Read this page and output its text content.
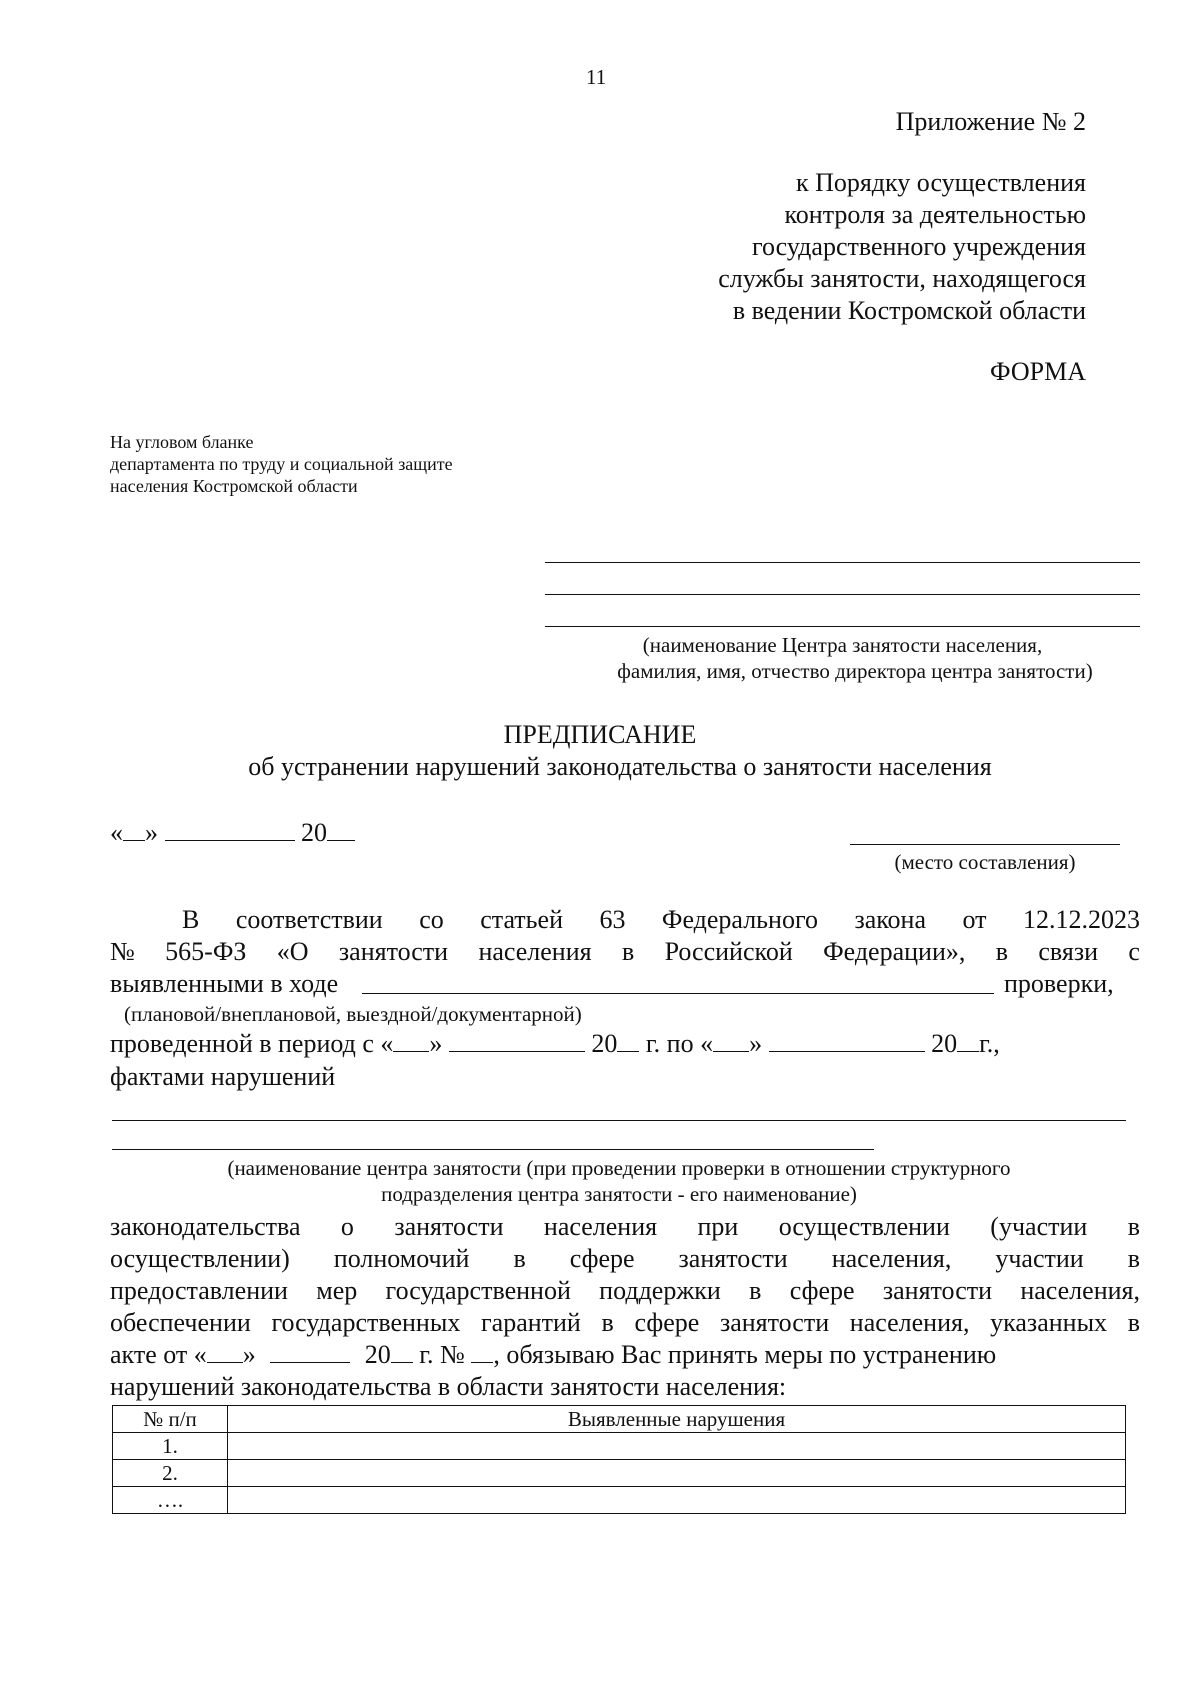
11
Приложение № 2
к Порядку осуществления
контроля за деятельностью
государственного учреждения
службы занятости, находящегося
в ведении Костромской области
ФОРМА
На угловом бланке
департамента по труду и социальной защите
населения Костромской области
(наименование Центра занятости населения,
фамилия, имя, отчество директора центра занятости)
ПРЕДПИСАНИЕ
об устранении нарушений законодательства о занятости населения
« »	20
(место составления)
В соответствии со статьей 63 Федерального закона от 12.12.2023
№ 565-ФЗ «О занятости населения в Российской Федерации», в связи с
выявленными в ходе	проверки,
(плановой/внеплановой, выездной/документарной)
проведенной в период с « »	20 г. по « »	20 г.,
фактами нарушений
(наименование центра занятости (при проведении проверки в отношении структурного
подразделения центра занятости - его наименование)
законодательства о занятости населения при осуществлении (участии в
осуществлении) полномочий в сфере занятости населения, участии в
предоставлении мер государственной поддержки в сфере занятости населения,
обеспечении государственных гарантий в сфере занятости населения, указанных в
акте от « »	20 г. № , обязываю Вас принять меры по устранению
нарушений законодательства в области занятости населения:
№ п/п	Выявленные нарушения
1.	
2.	
….	
